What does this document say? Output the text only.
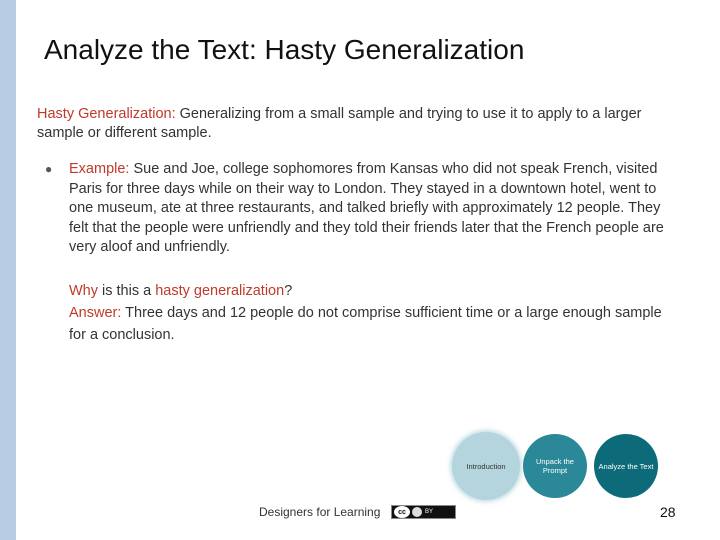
Analyze the Text: Hasty Generalization
Hasty Generalization: Generalizing from a small sample and trying to use it to apply to a larger sample or different sample.
● Example: Sue and Joe, college sophomores from Kansas who did not speak French, visited Paris for three days while on their way to London. They stayed in a downtown hotel, went to one museum, ate at three restaurants, and talked briefly with approximately 12 people. They felt that the people were unfriendly and they told their friends later that the French people are very aloof and unfriendly.
Why is this a hasty generalization?
Answer: Three days and 12 people do not comprise sufficient time or a large enough sample for a conclusion.
Introduction	Unpack the Prompt	Analyze the Text
Designers for Learning	cc	BY	28
